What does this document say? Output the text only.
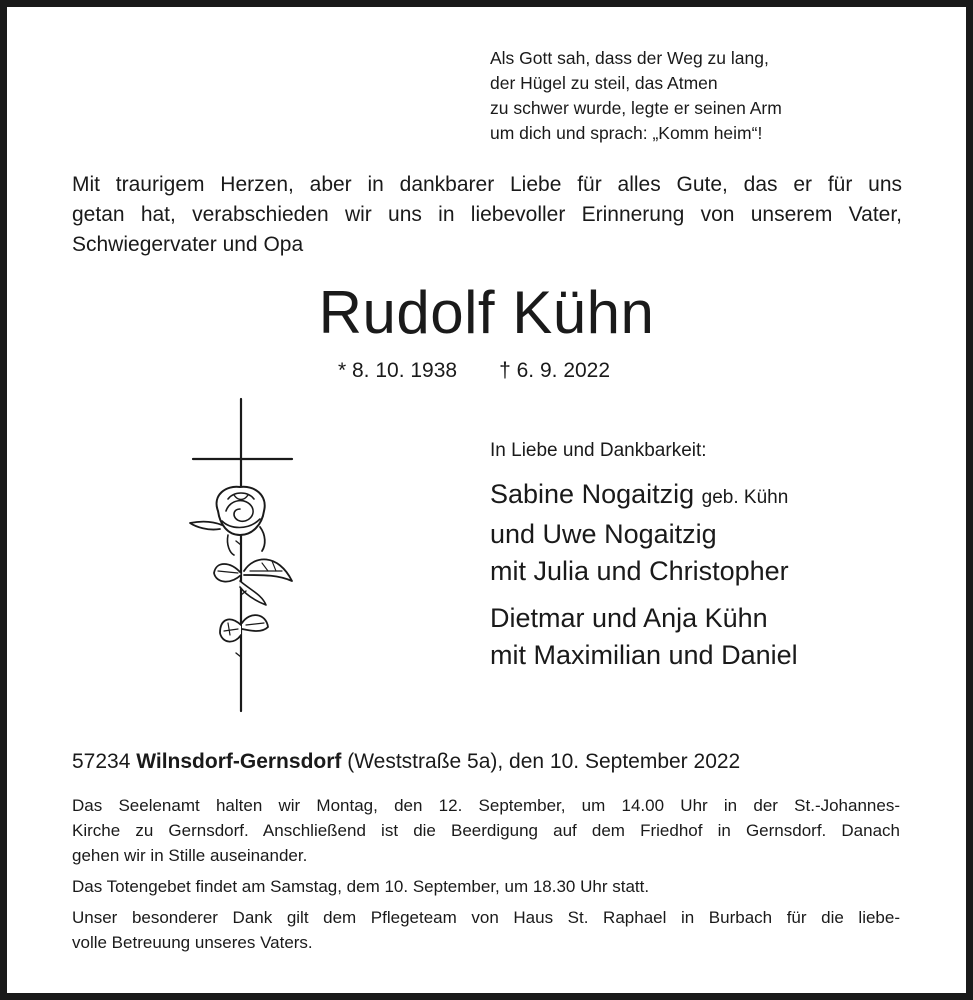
Als Gott sah, dass der Weg zu lang,
der Hügel zu steil, das Atmen
zu schwer wurde, legte er seinen Arm
um dich und sprach: „Komm heim“!
Mit traurigem Herzen, aber in dankbarer Liebe für alles Gute, das er für uns
getan hat, verabschieden wir uns in liebevoller Erinnerung von unserem Vater,
Schwiegervater und Opa
Rudolf Kühn
* 8. 10. 1938 † 6. 9. 2022
In Liebe und Dankbarkeit:
Sabine Nogaitzig geb. Kühn
und Uwe Nogaitzig
mit Julia und Christopher
Dietmar und Anja Kühn
mit Maximilian und Daniel
57234 Wilnsdorf-Gernsdorf (Weststraße 5a), den 10. September 2022

Das Seelenamt halten wir Montag, den 12. September, um 14.00 Uhr in der St.-Johannes-
Kirche zu Gernsdorf. Anschließend ist die Beerdigung auf dem Friedhof in Gernsdorf. Danach
gehen wir in Stille auseinander.

Das Totengebet findet am Samstag, dem 10. September, um 18.30 Uhr statt.

Unser besonderer Dank gilt dem Pflegeteam von Haus St. Raphael in Burbach für die liebe-
volle Betreuung unseres Vaters.
